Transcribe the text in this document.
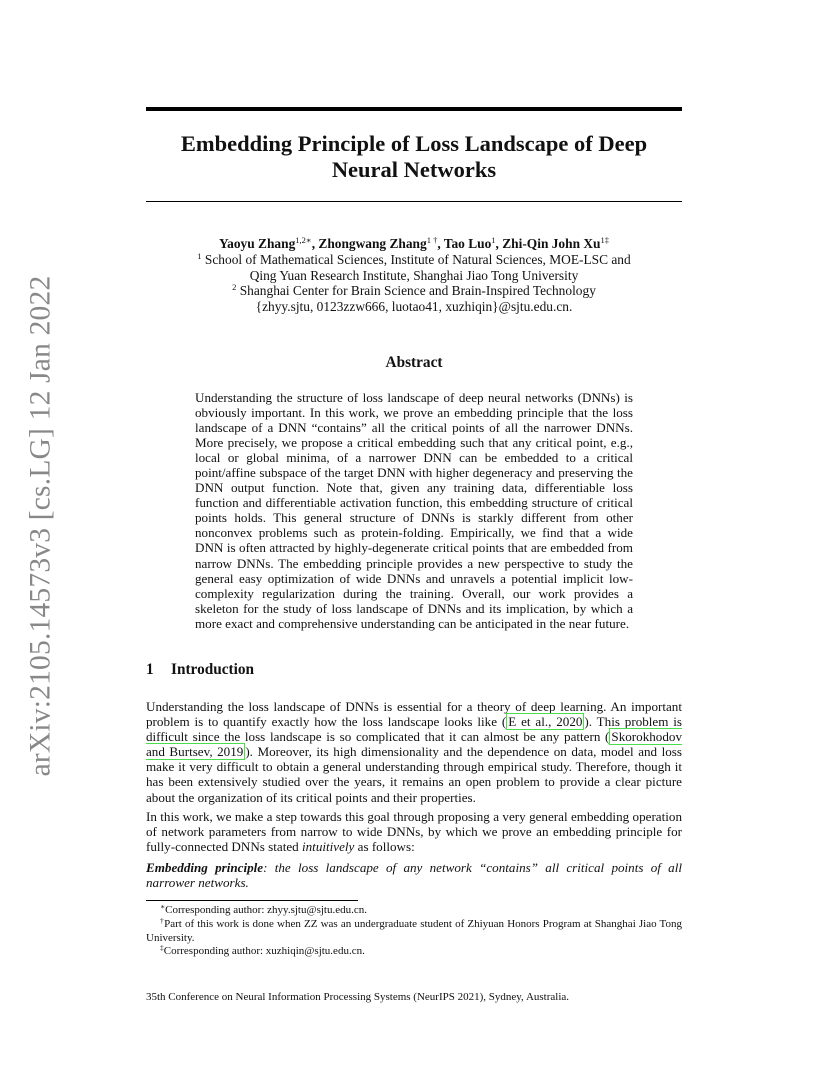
arXiv:2105.14573v3 [cs.LG] 12 Jan 2022
Embedding Principle of Loss Landscape of Deep
Neural Networks
Yaoyu Zhang$^{1,2∗}$, Zhongwang Zhang$^{1 \dagger}$, Tao Luo$^1$, Zhi-Qin John $Xu^{1\ddagger}$
$^1$ School of Mathematical Sciences, Institute of Natural Sciences, MOE-LSC and
Qing Yuan Research Institute, Shanghai Jiao Tong University
$^2$ Shanghai Center for Brain Science and Brain-Inspired Technology
{zhyy.sjtu, 0123zzw666, luotao41, xuzhiqin}@sjtu.edu.cn.
Abstract
Understanding the structure of loss landscape of deep neural networks (DNNs) is obviously important. In this work, we prove an embedding principle that the loss landscape of a DNN “contains” all the critical points of all the narrower DNNs. More precisely, we propose a critical embedding such that any critical point, e.g., local or global minima, of a narrower DNN can be embedded to a critical point/affine subspace of the target DNN with higher degeneracy and preserving the DNN output function. Note that, given any training data, differentiable loss function and differentiable activation function, this embedding structure of critical points holds. This general structure of DNNs is starkly different from other nonconvex problems such as protein-folding. Empirically, we find that a wide DNN is often attracted by highly-degenerate critical points that are embedded from narrow DNNs. The embedding principle provides a new perspective to study the general easy optimization of wide DNNs and unravels a potential implicit low-complexity regularization during the training. Overall, our work provides a skeleton for the study of loss landscape of DNNs and its implication, by which a more exact and comprehensive understanding can be anticipated in the near future.
1 Introduction
Understanding the loss landscape of DNNs is essential for a theory of deep learning. An important problem is to quantify exactly how the loss landscape looks like ( E et al., 2020 ). This problem is difficult since the loss landscape is so complicated that it can almost be any pattern ( Skorokhodov and Burtsev, 2019 ). Moreover, its high dimensionality and the dependence on data, model and loss make it very difficult to obtain a general understanding through empirical study. Therefore, though it has been extensively studied over the years, it remains an open problem to provide a clear picture about the organization of its critical points and their properties.
In this work, we make a step towards this goal through proposing a very general embedding operation of network parameters from narrow to wide DNNs, by which we prove an embedding principle for fully-connected DNNs stated intuitively as follows:
Embedding principle: the loss landscape of any network “contains” all critical points of all narrower networks.
∗Corresponding author: zhyy.sjtu@sjtu.edu.cn.
†Part of this work is done when ZZ was an undergraduate student of Zhiyuan Honors Program at Shanghai Jiao Tong University.
‡Corresponding author: xuzhiqin@sjtu.edu.cn.
35th Conference on Neural Information Processing Systems (NeurIPS 2021), Sydney, Australia.
